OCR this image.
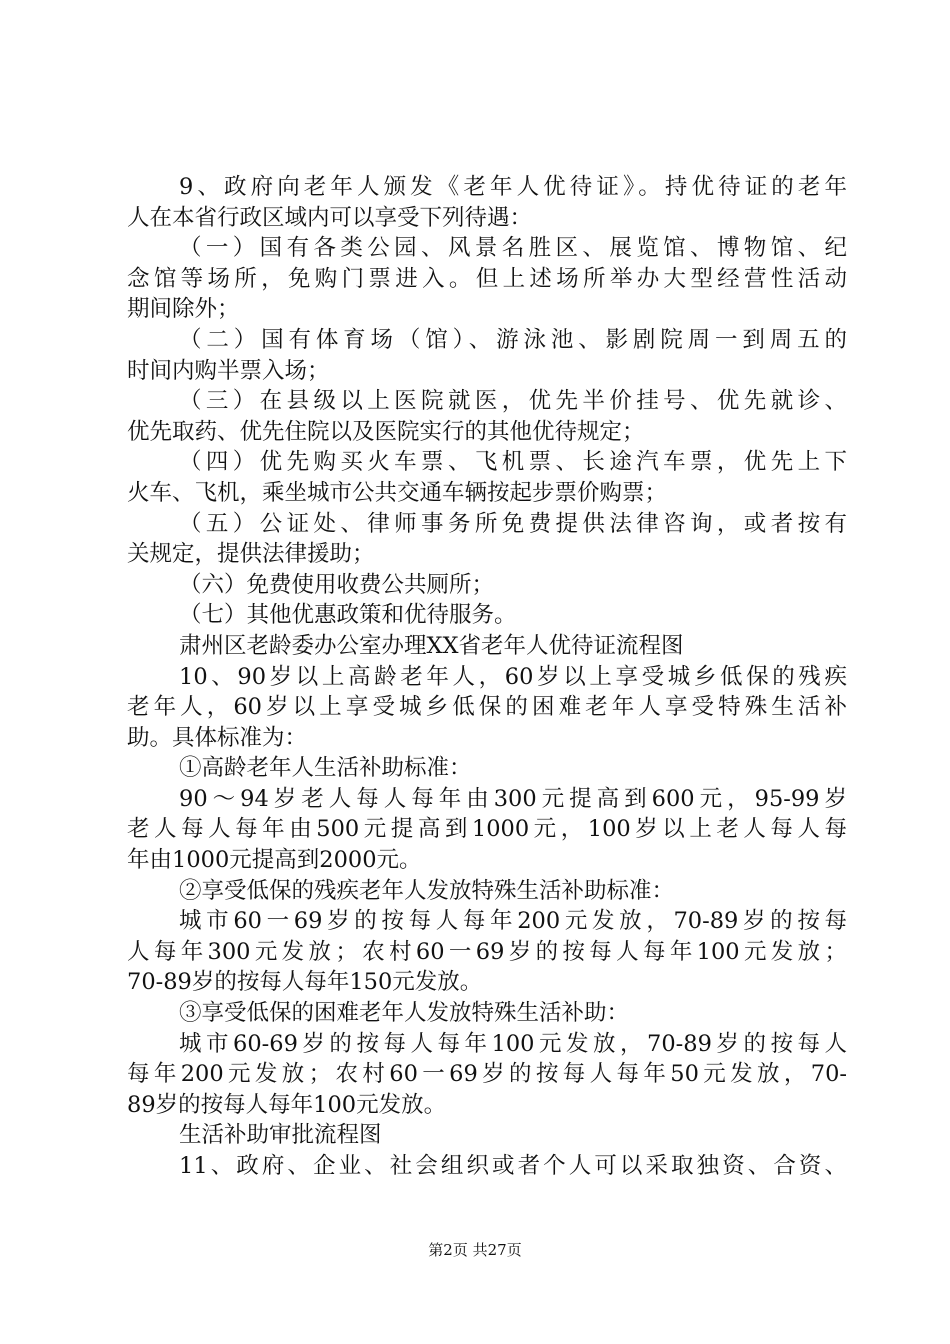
9、政府向老年人颁发《老年人优待证》。持优待证的老年
人在本省行政区域内可以享受下列待遇：
（一）国有各类公园、风景名胜区、展览馆、博物馆、纪
念馆等场所，免购门票进入。但上述场所举办大型经营性活动
期间除外；
（二）国有体育场（馆）、游泳池、影剧院周一到周五的
时间内购半票入场；
（三）在县级以上医院就医，优先半价挂号、优先就诊、
优先取药、优先住院以及医院实行的其他优待规定；
（四）优先购买火车票、飞机票、长途汽车票，优先上下
火车、飞机，乘坐城市公共交通车辆按起步票价购票；
（五）公证处、律师事务所免费提供法律咨询，或者按有
关规定，提供法律援助；
（六）免费使用收费公共厕所；
（七）其他优惠政策和优待服务。
肃州区老龄委办公室办理XX省老年人优待证流程图
10、90岁以上高龄老年人，60岁以上享受城乡低保的残疾
老年人，60岁以上享受城乡低保的困难老年人享受特殊生活补
助。具体标准为：
①高龄老年人生活补助标准：
90～94岁老人每人每年由300元提高到600元，95-99岁
老人每人每年由500元提高到1000元，100岁以上老人每人每
年由1000元提高到2000元。
②享受低保的残疾老年人发放特殊生活补助标准：
城市60一69岁的按每人每年200元发放，70-89岁的按每
人每年300元发放；农村60一69岁的按每人每年100元发放；
70-89岁的按每人每年150元发放。
③享受低保的困难老年人发放特殊生活补助：
城市60-69岁的按每人每年100元发放，70-89岁的按每人
每年200元发放；农村60一69岁的按每人每年50元发放，70-
89岁的按每人每年100元发放。
生活补助审批流程图
11、政府、企业、社会组织或者个人可以采取独资、合资、
第2页 共27页
